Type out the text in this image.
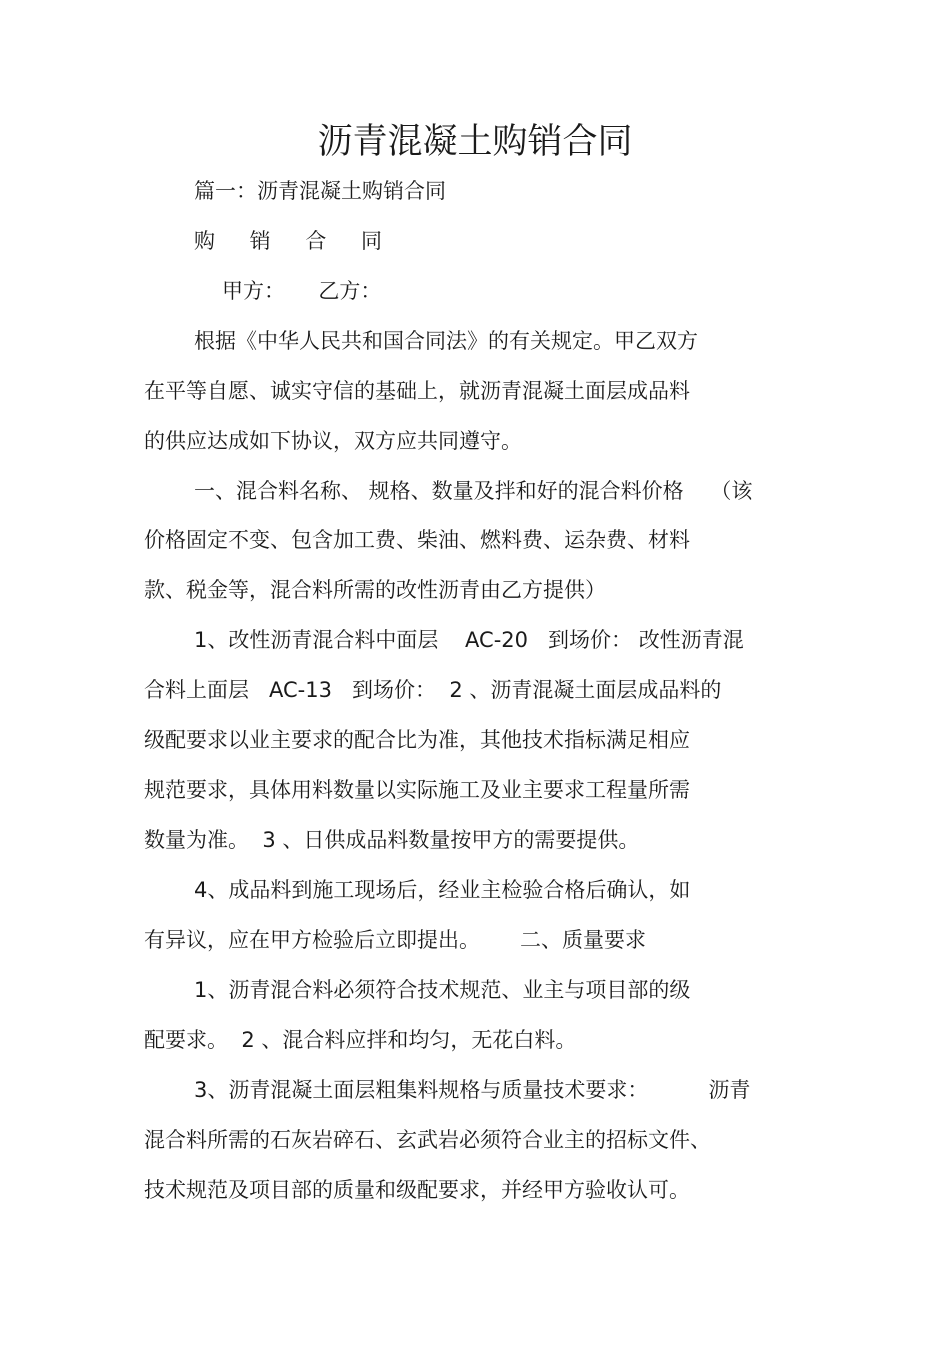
沥青混凝土购销合同
篇一：沥青混凝土购销合同
购 销 合 同
甲方：     乙方：
根据《中华人民共和国合同法》的有关规定。甲乙双方
在平等自愿、诚实守信的基础上，就沥青混凝土面层成品料
的供应达成如下协议，双方应共同遵守。
一、混合料名称、 规格、数量及拌和好的混合料价格    （该
价格固定不变、包含加工费、柴油、燃料费、运杂费、材料
款、税金等，混合料所需的改性沥青由乙方提供）
1、改性沥青混合料中面层    AC-20   到场价： 改性沥青混
合料上面层   AC-13   到场价：  2 、沥青混凝土面层成品料的
级配要求以业主要求的配合比为准，其他技术指标满足相应
规范要求，具体用料数量以实际施工及业主要求工程量所需
数量为准。  3 、日供成品料数量按甲方的需要提供。
4、成品料到施工现场后，经业主检验合格后确认，如
有异议，应在甲方检验后立即提出。      二、质量要求
1、沥青混合料必须符合技术规范、业主与项目部的级
配要求。  2 、混合料应拌和均匀，无花白料。
3、沥青混凝土面层粗集料规格与质量技术要求：         沥青
混合料所需的石灰岩碎石、玄武岩必须符合业主的招标文件、
技术规范及项目部的质量和级配要求，并经甲方验收认可。
